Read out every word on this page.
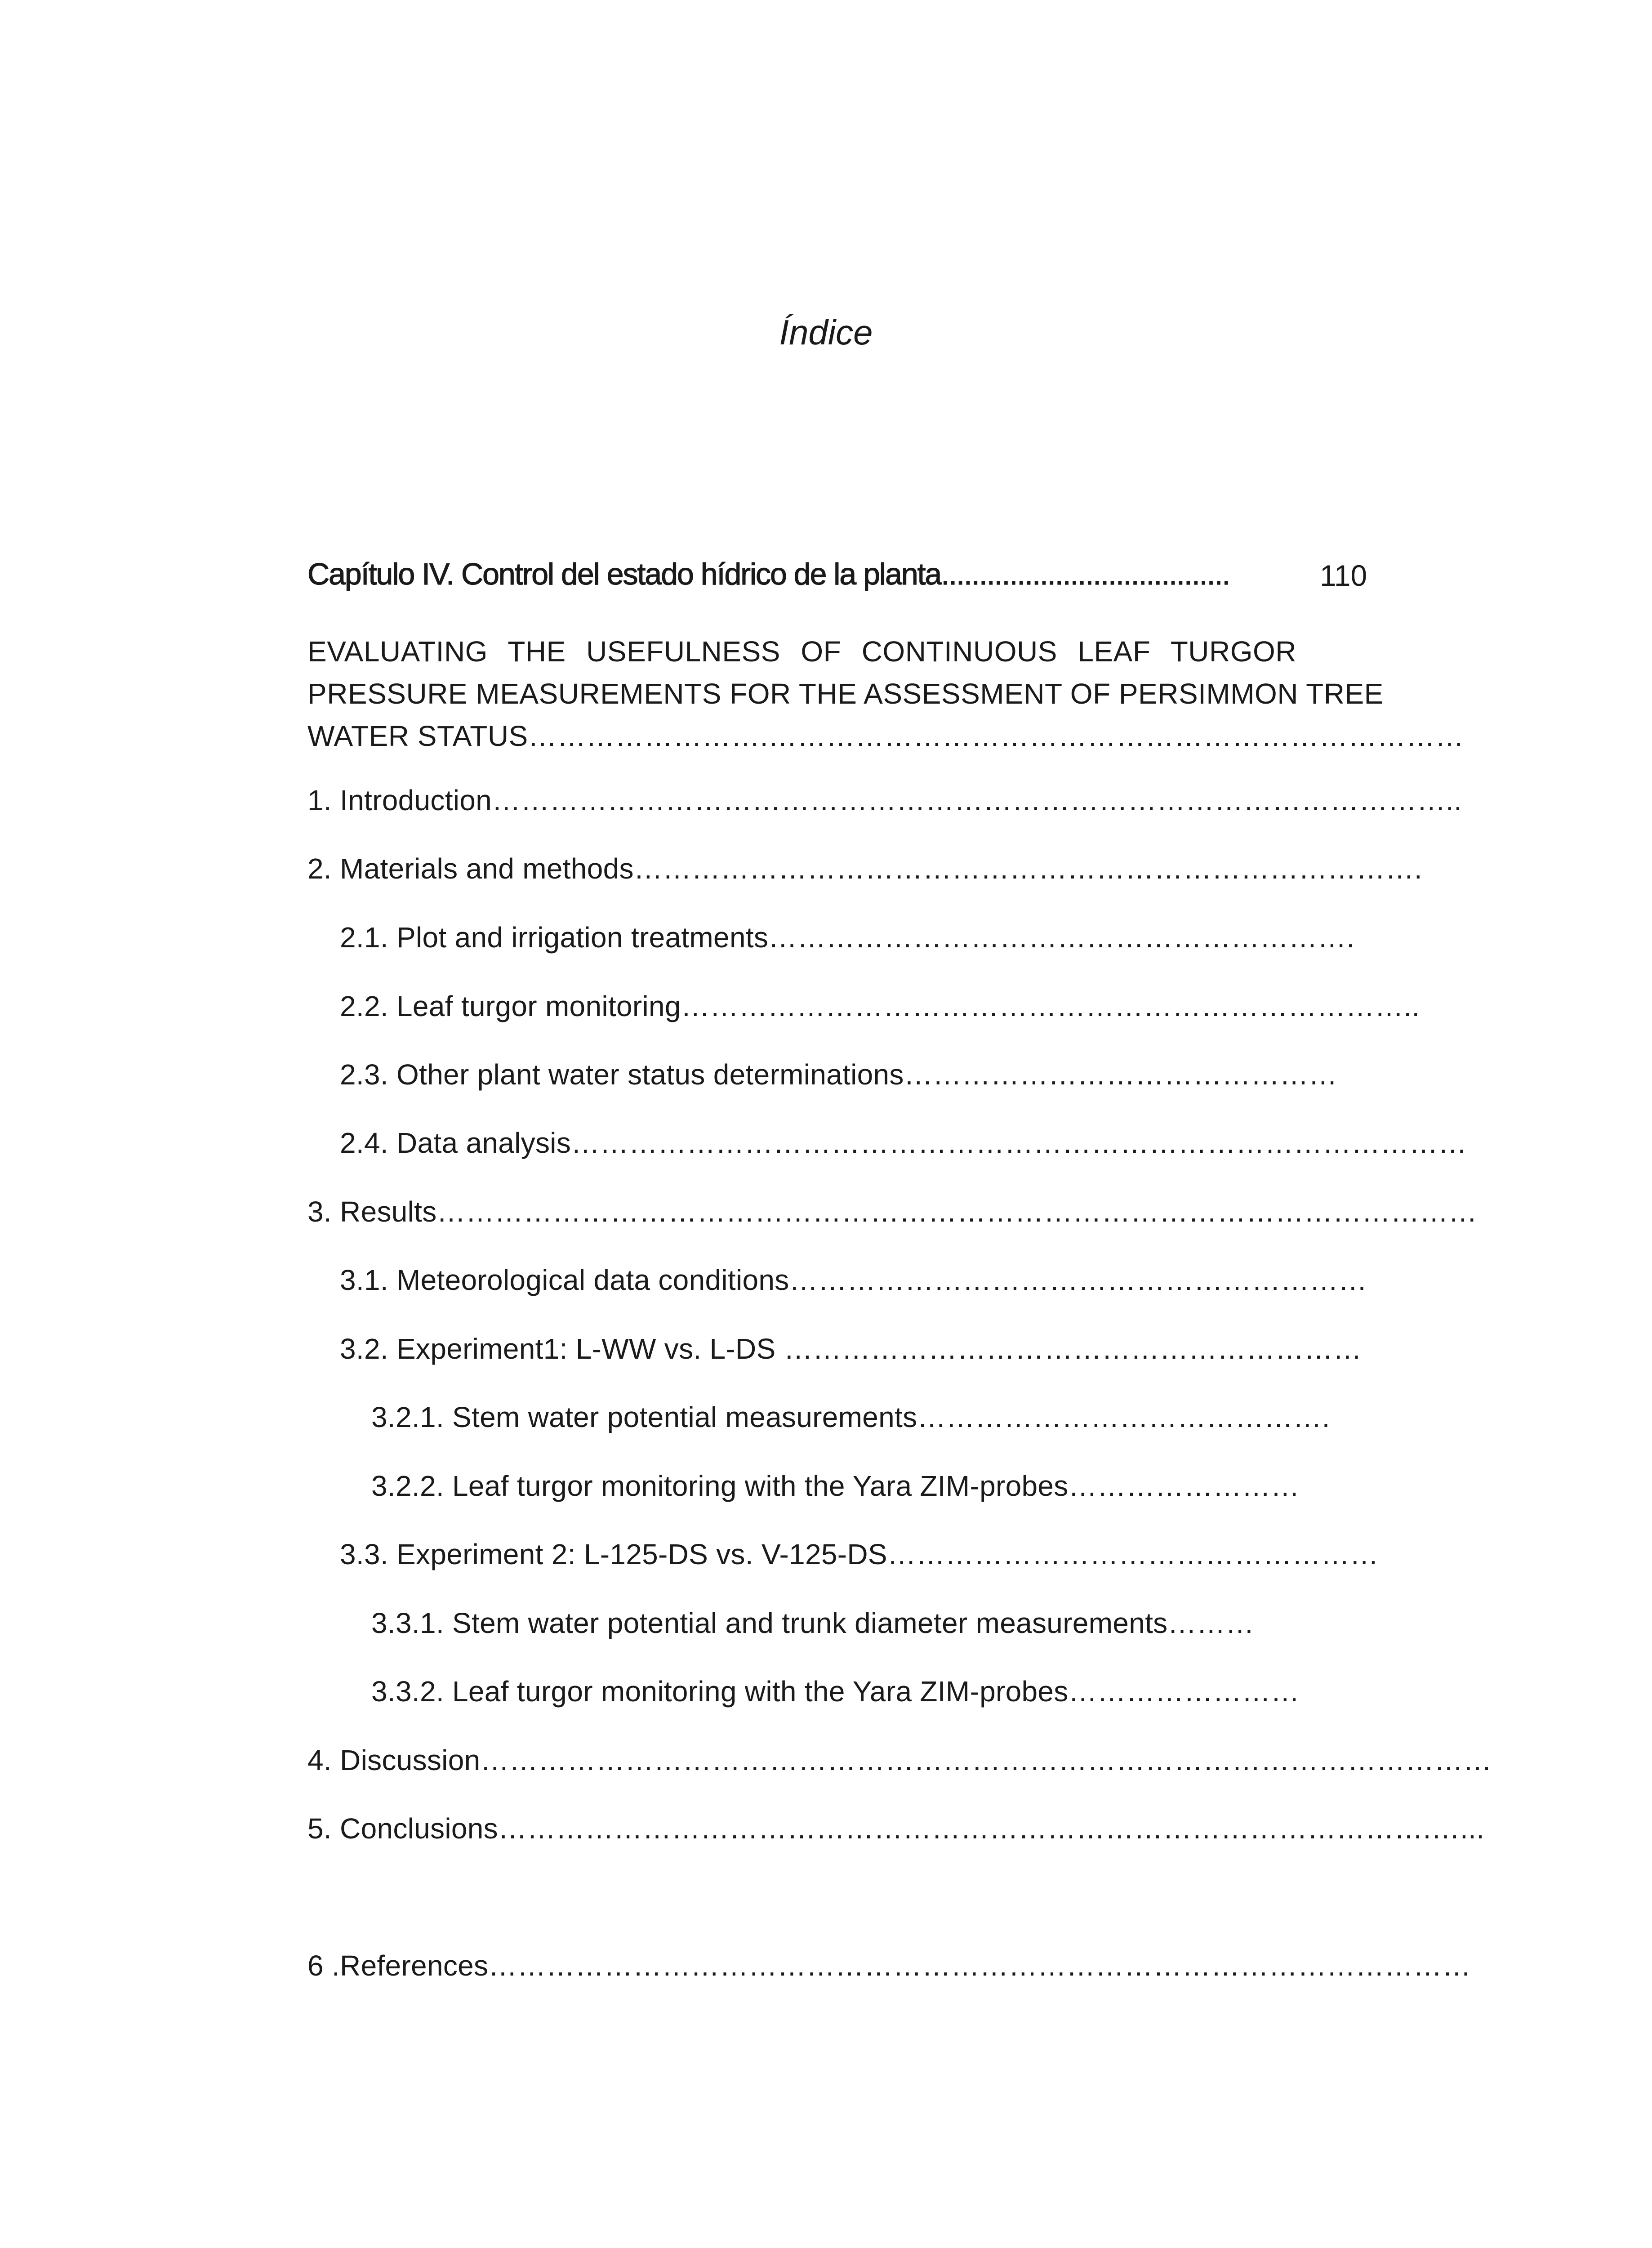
Índice
Capítulo IV. Control del estado hídrico de la planta......................................	110
EVALUATING THE USEFULNESS OF CONTINUOUS LEAF TURGOR
PRESSURE MEASUREMENTS FOR THE ASSESSMENT OF PERSIMMON TREE
WATER STATUS…………………….………………………………………………………………
1. Introduction………………………………………………………………………………………..
2. Materials and methods……………………………………………………………………….
2.1. Plot and irrigation treatments…………………………………………………….
2.2. Leaf turgor monitoring…………………………………………………………………..
2.3. Other plant water status determinations………………………………………
2.4. Data analysis…………………………………………………………………………………
3. Results………………………………………………………………………………………………
3.1. Meteorological data conditions……………………………………………………
3.2. Experiment1: L-WW vs. L-DS ……………………………………………………
3.2.1. Stem water potential measurements…………………………………….
3.2.2. Leaf turgor monitoring with the Yara ZIM-probes……………………
3.3. Experiment 2: L-125-DS vs. V-125-DS……………………………………………
3.3.1. Stem water potential and trunk diameter measurements………
3.3.2. Leaf turgor monitoring with the Yara ZIM-probes……………………
4. Discussion……………………………………………………………………………………………
5. Conclusions…………………………………………………………………………………….…...
6 .References…………………………………………………………………………………………
